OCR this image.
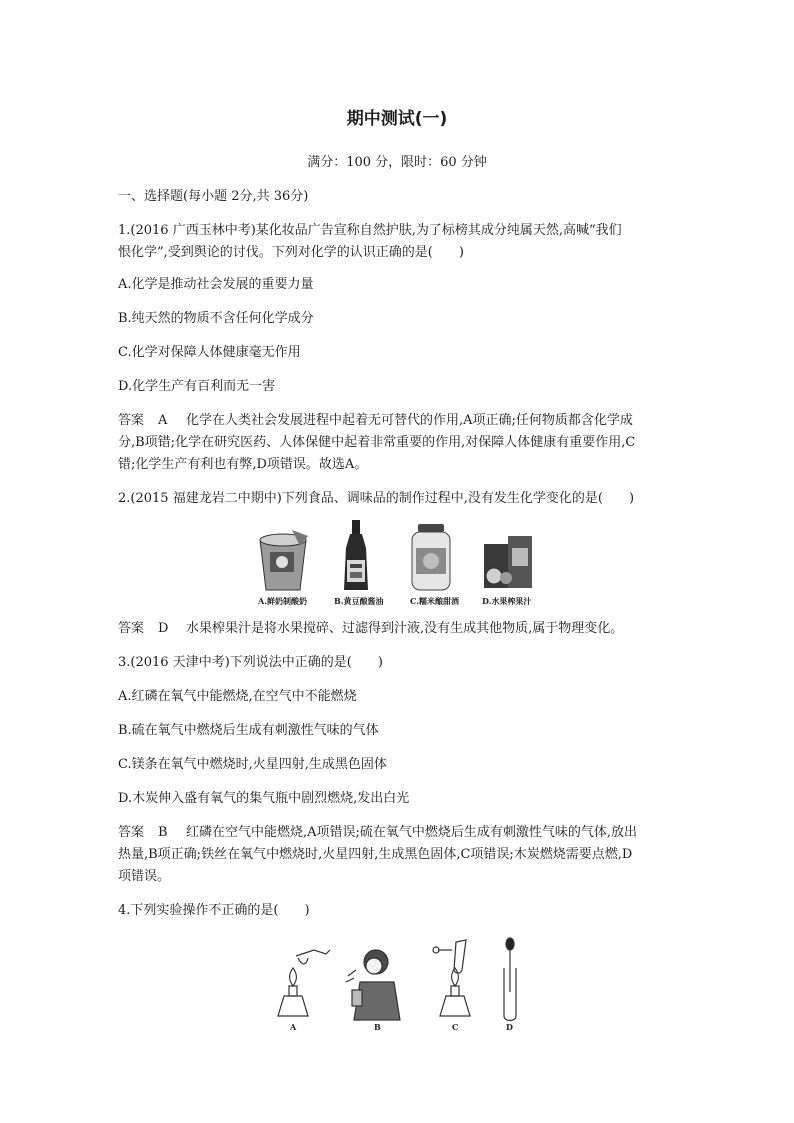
期中测试(一)
满分：100 分，限时：60 分钟
一、选择题(每小题 2分,共 36分)
1.(2016 广西玉林中考)某化妆品广告宣称自然护肤,为了标榜其成分纯属天然,高喊“我们
恨化学”,受到舆论的讨伐。下列对化学的认识正确的是(　　)
A.化学是推动社会发展的重要力量
B.纯天然的物质不含任何化学成分
C.化学对保障人体健康毫无作用
D.化学生产有百利而无一害
答案 A 化学在人类社会发展进程中起着无可替代的作用,A项正确;任何物质都含化学成
分,B项错;化学在研究医药、人体保健中起着非常重要的作用,对保障人体健康有重要作用,C
错;化学生产有利也有弊,D项错误。故选A。
2.(2015 福建龙岩二中期中)下列食品、调味品的制作过程中,没有发生化学变化的是(　　)
A.鲜奶制酸奶	B.黄豆酿酱油	C.糯米酿甜酒	D.水果榨果汁
答案 D 水果榨果汁是将水果搅碎、过滤得到汁液,没有生成其他物质,属于物理变化。
3.(2016 天津中考)下列说法中正确的是(　　)
A.红磷在氧气中能燃烧,在空气中不能燃烧
B.硫在氧气中燃烧后生成有刺激性气味的气体
C.镁条在氧气中燃烧时,火星四射,生成黑色固体
D.木炭伸入盛有氧气的集气瓶中剧烈燃烧,发出白光
答案 B 红磷在空气中能燃烧,A项错误;硫在氧气中燃烧后生成有刺激性气味的气体,放出
热量,B项正确;铁丝在氧气中燃烧时,火星四射,生成黑色固体,C项错误;木炭燃烧需要点燃,D
项错误。
4.下列实验操作不正确的是(　　)
A	B	C	D
